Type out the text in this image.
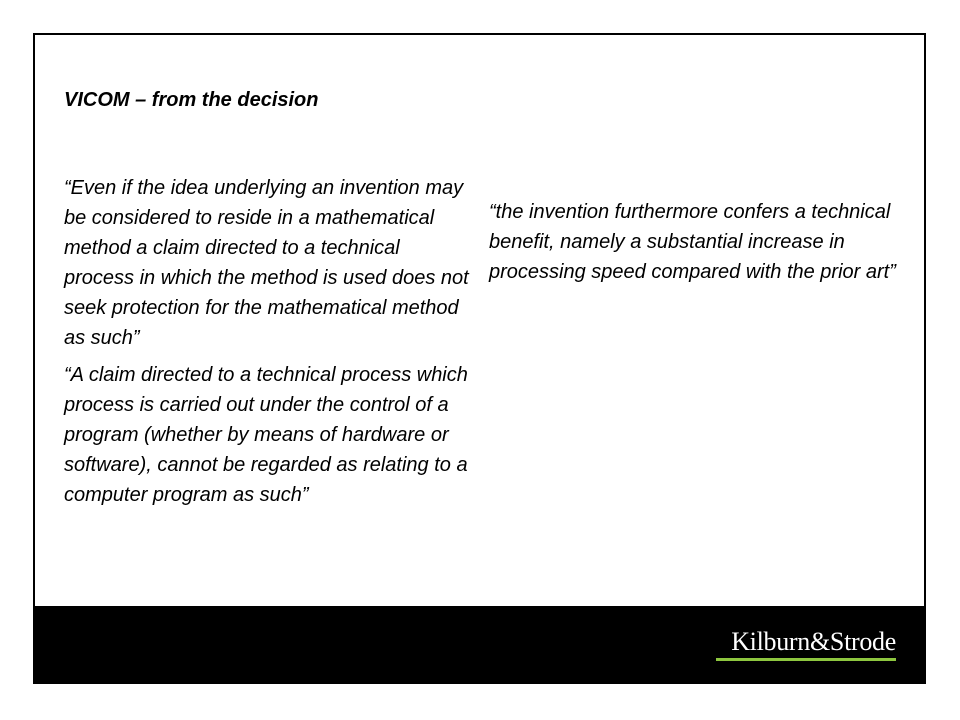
VICOM – from the decision

“Even if the idea underlying an invention may be considered to reside in a mathematical method a claim directed to a technical process in which the method is used does not seek protection for the mathematical method as such”

“A claim directed to a technical process which process is carried out under the control of a program (whether by means of hardware or software), cannot be regarded as relating to a computer program as such”

“the invention furthermore confers a technical benefit, namely a substantial increase in processing speed compared with the prior art”

Kilburn&Strode
